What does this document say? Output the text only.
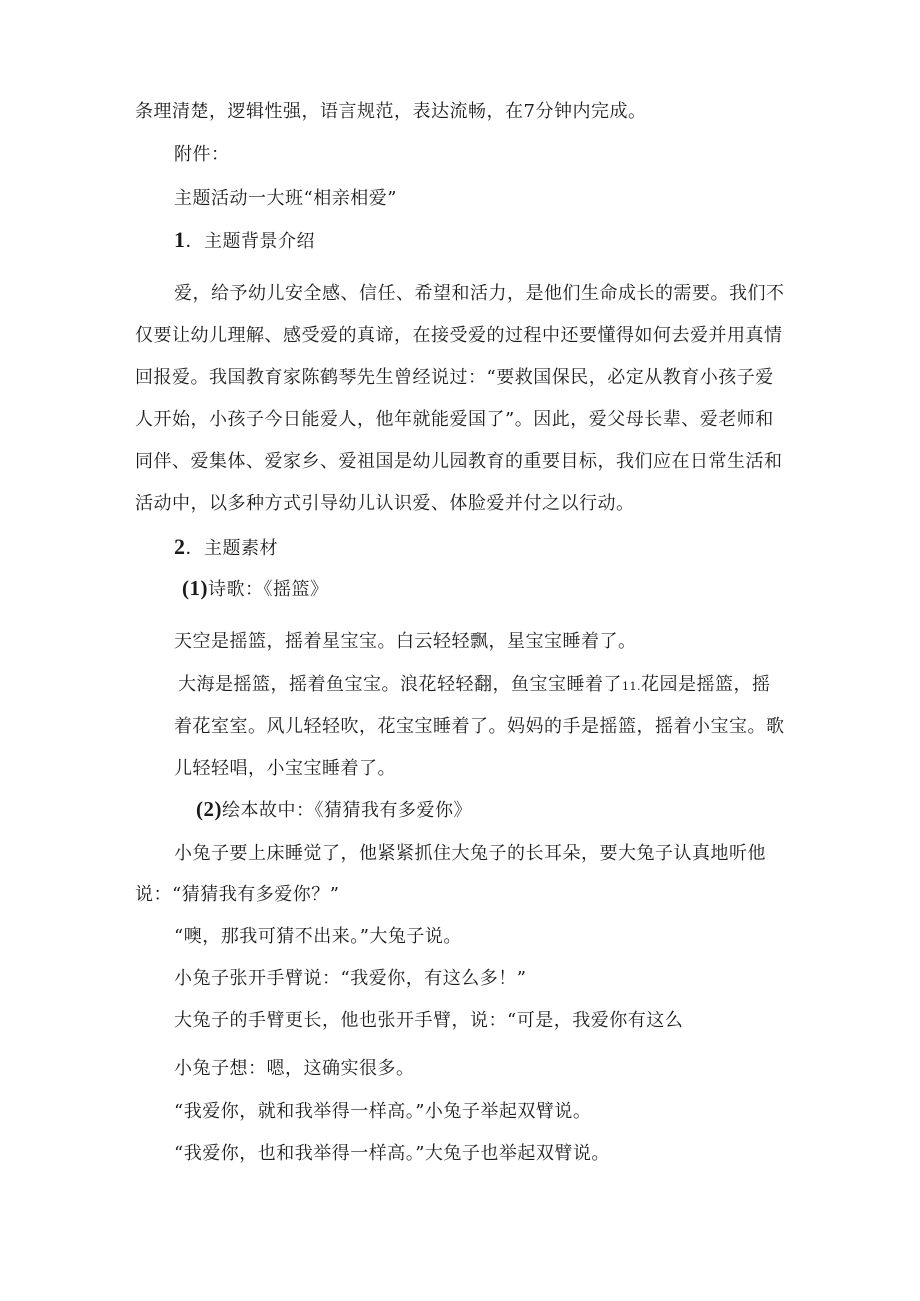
条理清楚，逻辑性强，语言规范，表达流畅，在7分钟内完成。
附件：
主题活动一大班“相亲相爱”
1．主题背景介绍
爱，给予幼儿安全感、信任、希望和活力，是他们生命成长的需要。我们不
仅要让幼儿理解、感受爱的真谛，在接受爱的过程中还要懂得如何去爱并用真情
回报爱。我国教育家陈鹤琴先生曾经说过：“要救国保民，必定从教育小孩子爱
人开始，小孩子今日能爱人，他年就能爱国了”。因此，爱父母长辈、爱老师和
同伴、爱集体、爱家乡、爱祖国是幼儿园教育的重要目标，我们应在日常生活和
活动中，以多种方式引导幼儿认识爱、体脸爱并付之以行动。
2．主题素材
(1)诗歌：《摇篮》
天空是摇篮，摇着星宝宝。白云轻轻飘，星宝宝睡着了。
大海是摇篮，摇着鱼宝宝。浪花轻轻翻，鱼宝宝睡着了11.花园是摇篮，摇
着花室室。风儿轻轻吹，花宝宝睡着了。妈妈的手是摇篮，摇着小宝宝。歌
儿轻轻唱，小宝宝睡着了。
(2)绘本故中：《猜猜我有多爱你》
小兔子要上床睡觉了，他紧紧抓住大兔子的长耳朵，要大兔子认真地听他
说：“猜猜我有多爱你？”
“噢，那我可猜不出来。”大兔子说。
小兔子张开手臂说：“我爱你，有这么多！”
大兔子的手臂更长，他也张开手臂，说：“可是，我爱你有这么
小兔子想：嗯，这确实很多。
“我爱你，就和我举得一样高。”小兔子举起双臂说。
“我爱你，也和我举得一样高。”大兔子也举起双臂说。
